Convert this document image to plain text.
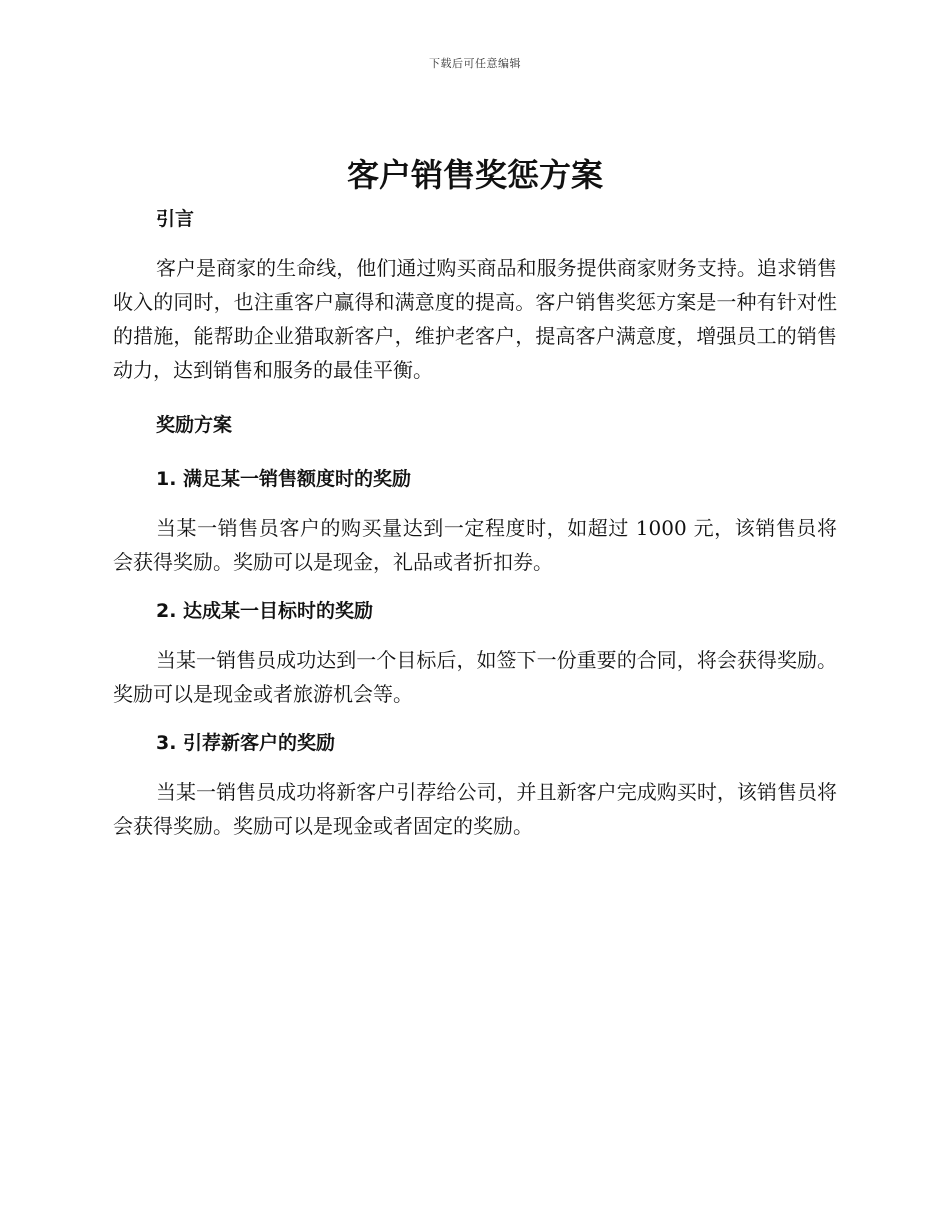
下载后可任意编辑
客户销售奖惩方案

引言

客户是商家的生命线，他们通过购买商品和服务提供商家财务支持。追求销售收入的同时，也注重客户赢得和满意度的提高。客户销售奖惩方案是一种有针对性的措施，能帮助企业猎取新客户，维护老客户，提高客户满意度，增强员工的销售动力，达到销售和服务的最佳平衡。

奖励方案

1. 满足某一销售额度时的奖励

当某一销售员客户的购买量达到一定程度时，如超过 1000 元，该销售员将会获得奖励。奖励可以是现金，礼品或者折扣券。

2. 达成某一目标时的奖励

当某一销售员成功达到一个目标后，如签下一份重要的合同，将会获得奖励。奖励可以是现金或者旅游机会等。

3. 引荐新客户的奖励

当某一销售员成功将新客户引荐给公司，并且新客户完成购买时，该销售员将会获得奖励。奖励可以是现金或者固定的奖励。
